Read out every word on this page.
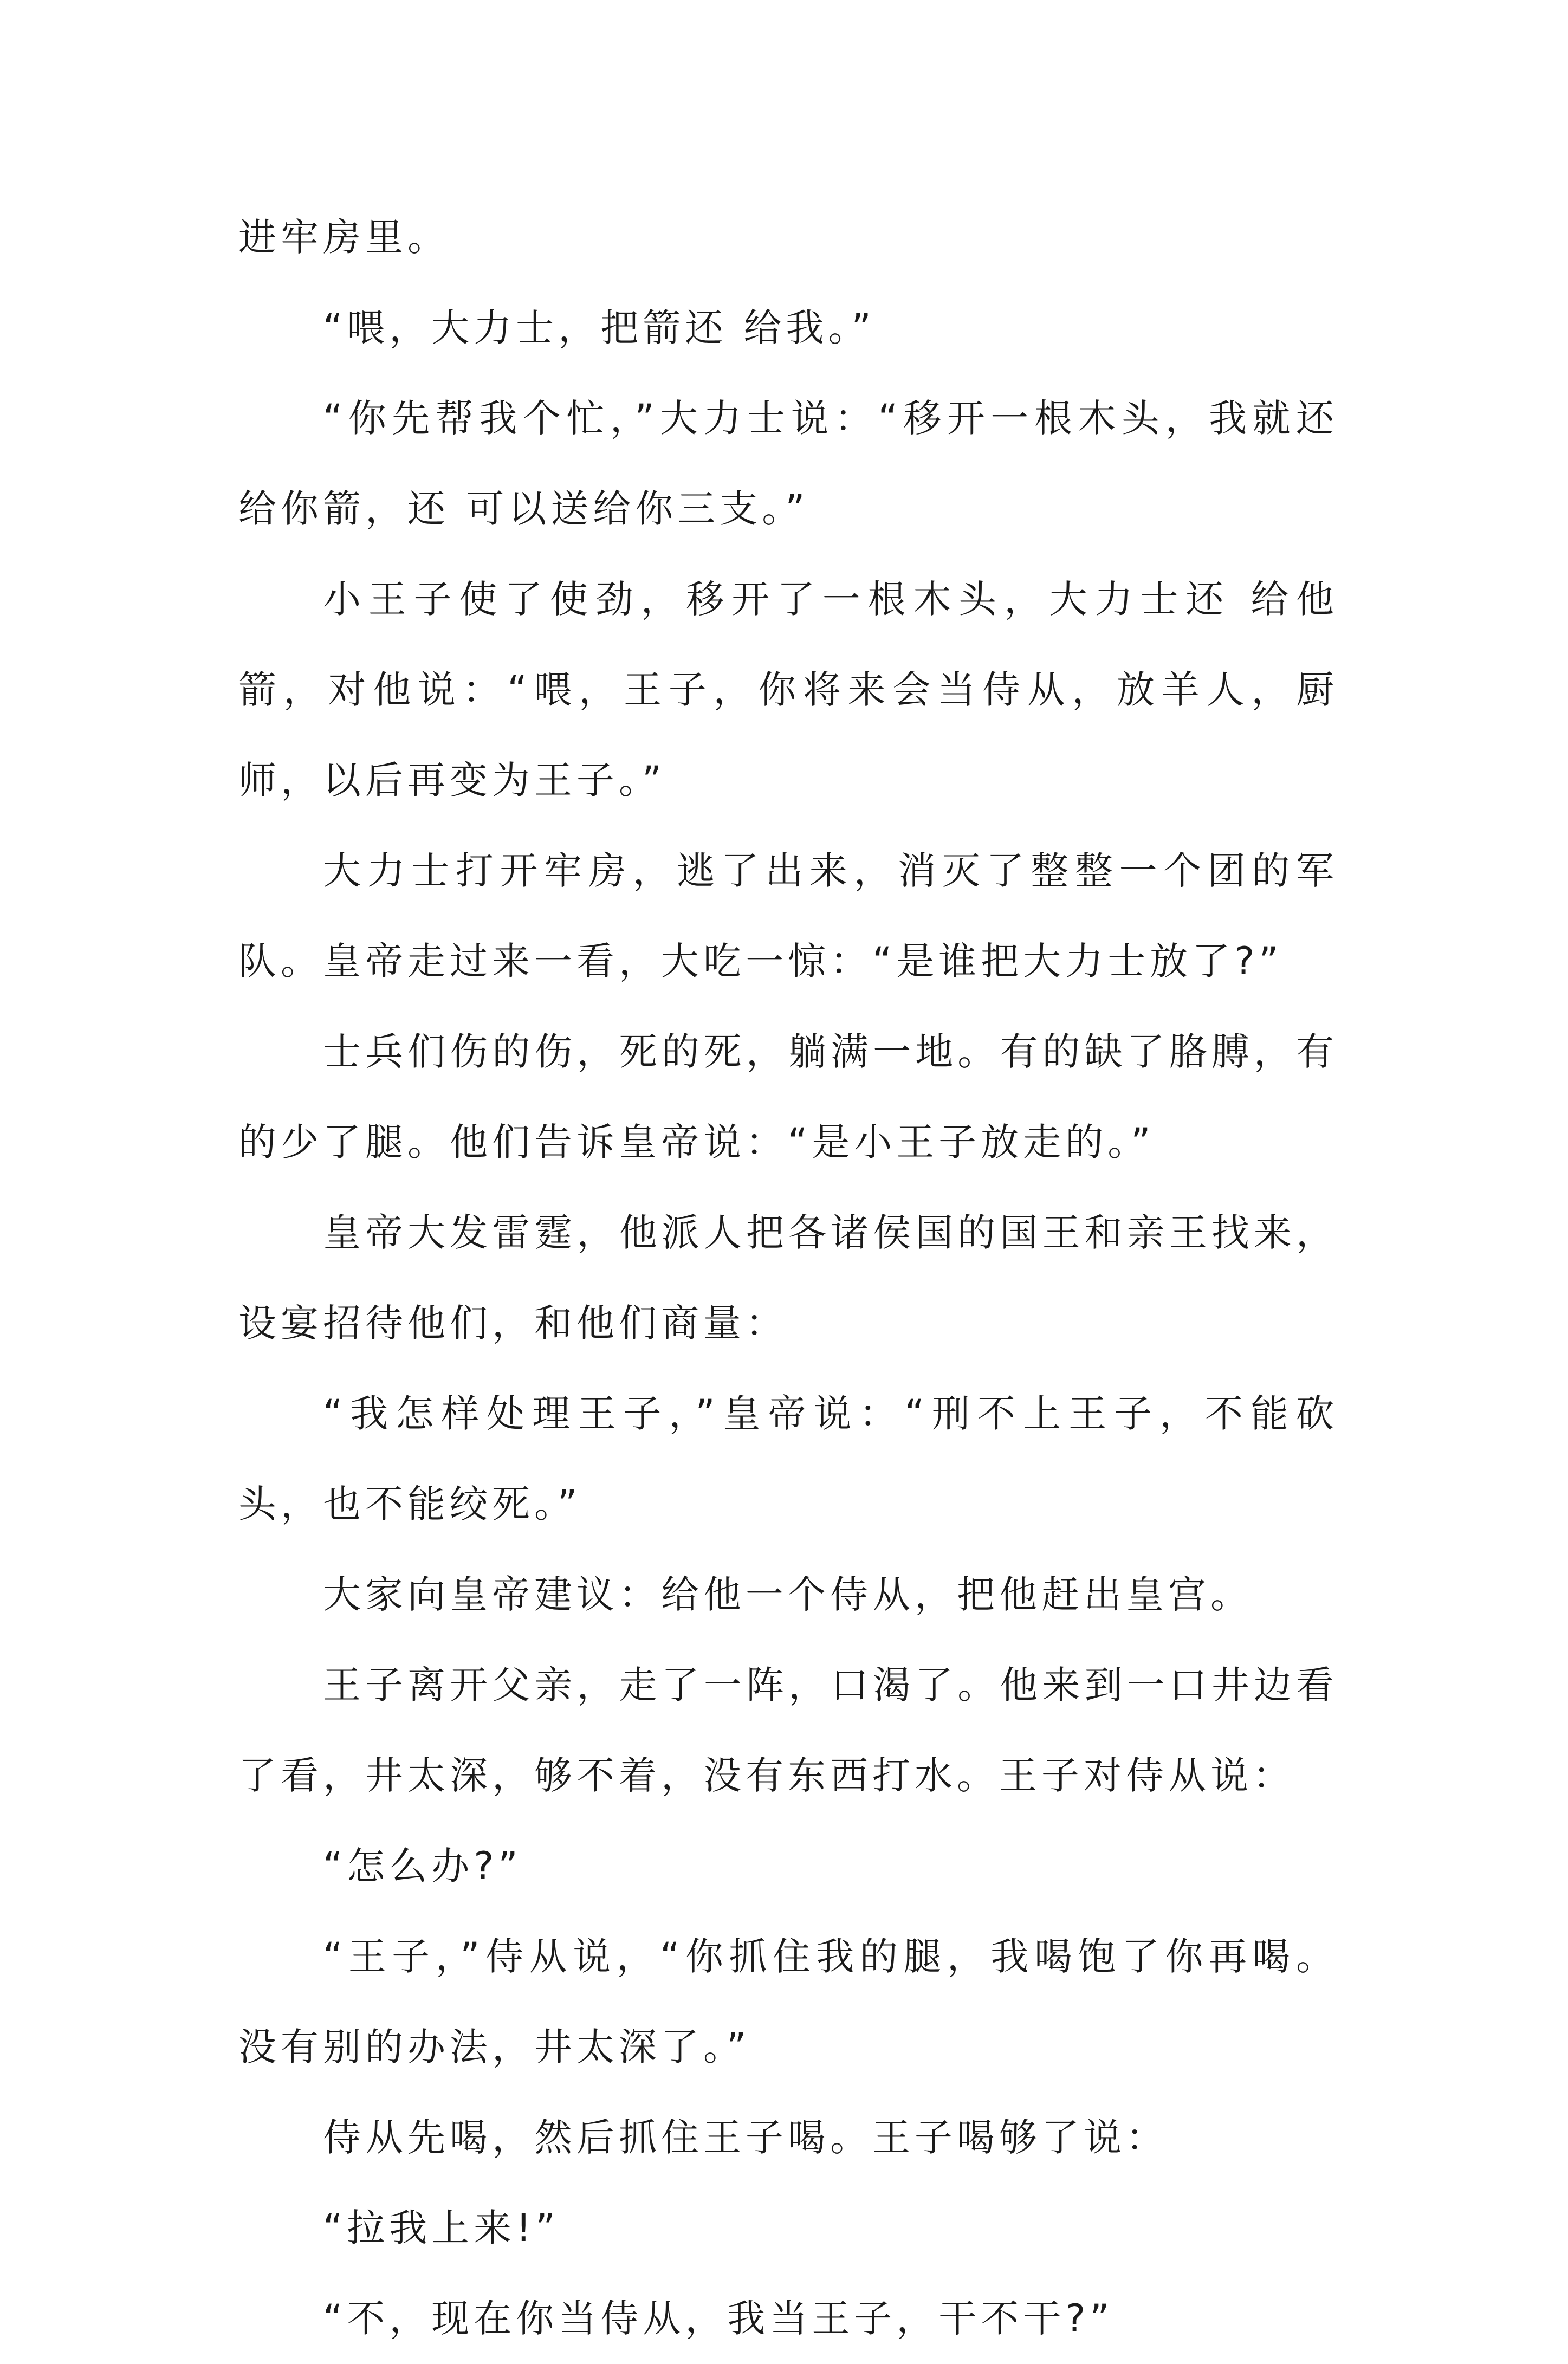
进牢房里。

“喂，大力士，把箭还 给我。”

“你先帮我个忙，”大力士说：“移开一根木头，我就还给你箭，还 可以送给你三支。”

小王子使了使劲，移开了一根木头，大力士还 给他箭，对他说：“喂，王子，你将来会当侍从，放羊人，厨师，以后再变为王子。”

大力士打开牢房，逃了出来，消灭了整整一个团的军队。皇帝走过来一看，大吃一惊：“是谁把大力士放了?”

士兵们伤的伤，死的死，躺满一地。有的缺了胳膊，有的少了腿。他们告诉皇帝说：“是小王子放走的。”

皇帝大发雷霆，他派人把各诸侯国的国王和亲王找来，设宴招待他们，和他们商量：

“我怎样处理王子，”皇帝说：“刑不上王子，不能砍头，也不能绞死。”

大家向皇帝建议：给他一个侍从，把他赶出皇宫。

王子离开父亲，走了一阵，口渴了。他来到一口井边看了看，井太深，够不着，没有东西打水。王子对侍从说：

“怎么办?”

“王子，”侍从说，“你抓住我的腿，我喝饱了你再喝。没有别的办法，井太深了。”

侍从先喝，然后抓住王子喝。王子喝够了说：

“拉我上来!”

“不，现在你当侍从，我当王子，干不干?”
